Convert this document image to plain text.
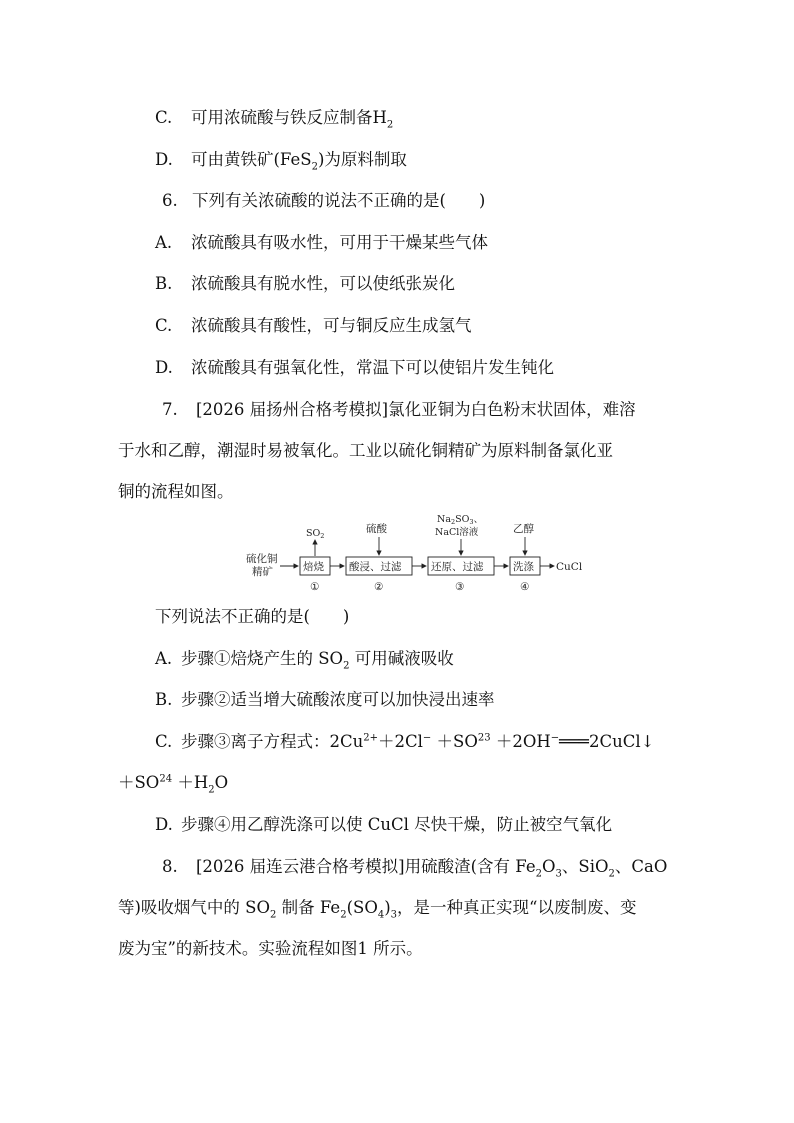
C. 可用浓硫酸与铁反应制备$H_2$
D. 可由黄铁矿(FeS$_2$)为原料制取
6. 下列有关浓硫酸的说法不正确的是(　　)
A. 浓硫酸具有吸水性，可用于干燥某些气体
B. 浓硫酸具有脱水性，可以使纸张炭化
C. 浓硫酸具有酸性，可与铜反应生成氢气
D. 浓硫酸具有强氧化性，常温下可以使铝片发生钝化
7. [2026 届扬州合格考模拟]氯化亚铜为白色粉末状固体，难溶
于水和乙醇，潮湿时易被氧化。工业以硫化铜精矿为原料制备氯化亚
铜的流程如图。
硫化铜
精矿	焙烧
$SO_2$
①
酸浸、过滤
硫酸
②
还原、过滤
$Na_2SO_3$、
NaCl溶液
③
洗涤
乙醇
④
CuCl
下列说法不正确的是(　　)
A. 步骤①焙烧产生的 $SO_2$ 可用碱液吸收
B. 步骤②适当增大硫酸浓度可以加快浸出速率
C. 步骤③离子方程式：$2Cu^{2+}+2Cl^- +SO^{23}$ ＋2OH−═══2CuCl↓
$+SO^{24} +H_2O$
D. 步骤④用乙醇洗涤可以使 CuCl 尽快干燥，防止被空气氧化
8. [2026 届连云港合格考模拟]用硫酸渣(含有 $Fe_2O_3$、SiO$_2$、CaO
等)吸收烟气中的 $SO_2$ 制备 $Fe_2(SO_4)_3$，是一种真正实现“以废制废、变
废为宝”的新技术。实验流程如图1 所示。
